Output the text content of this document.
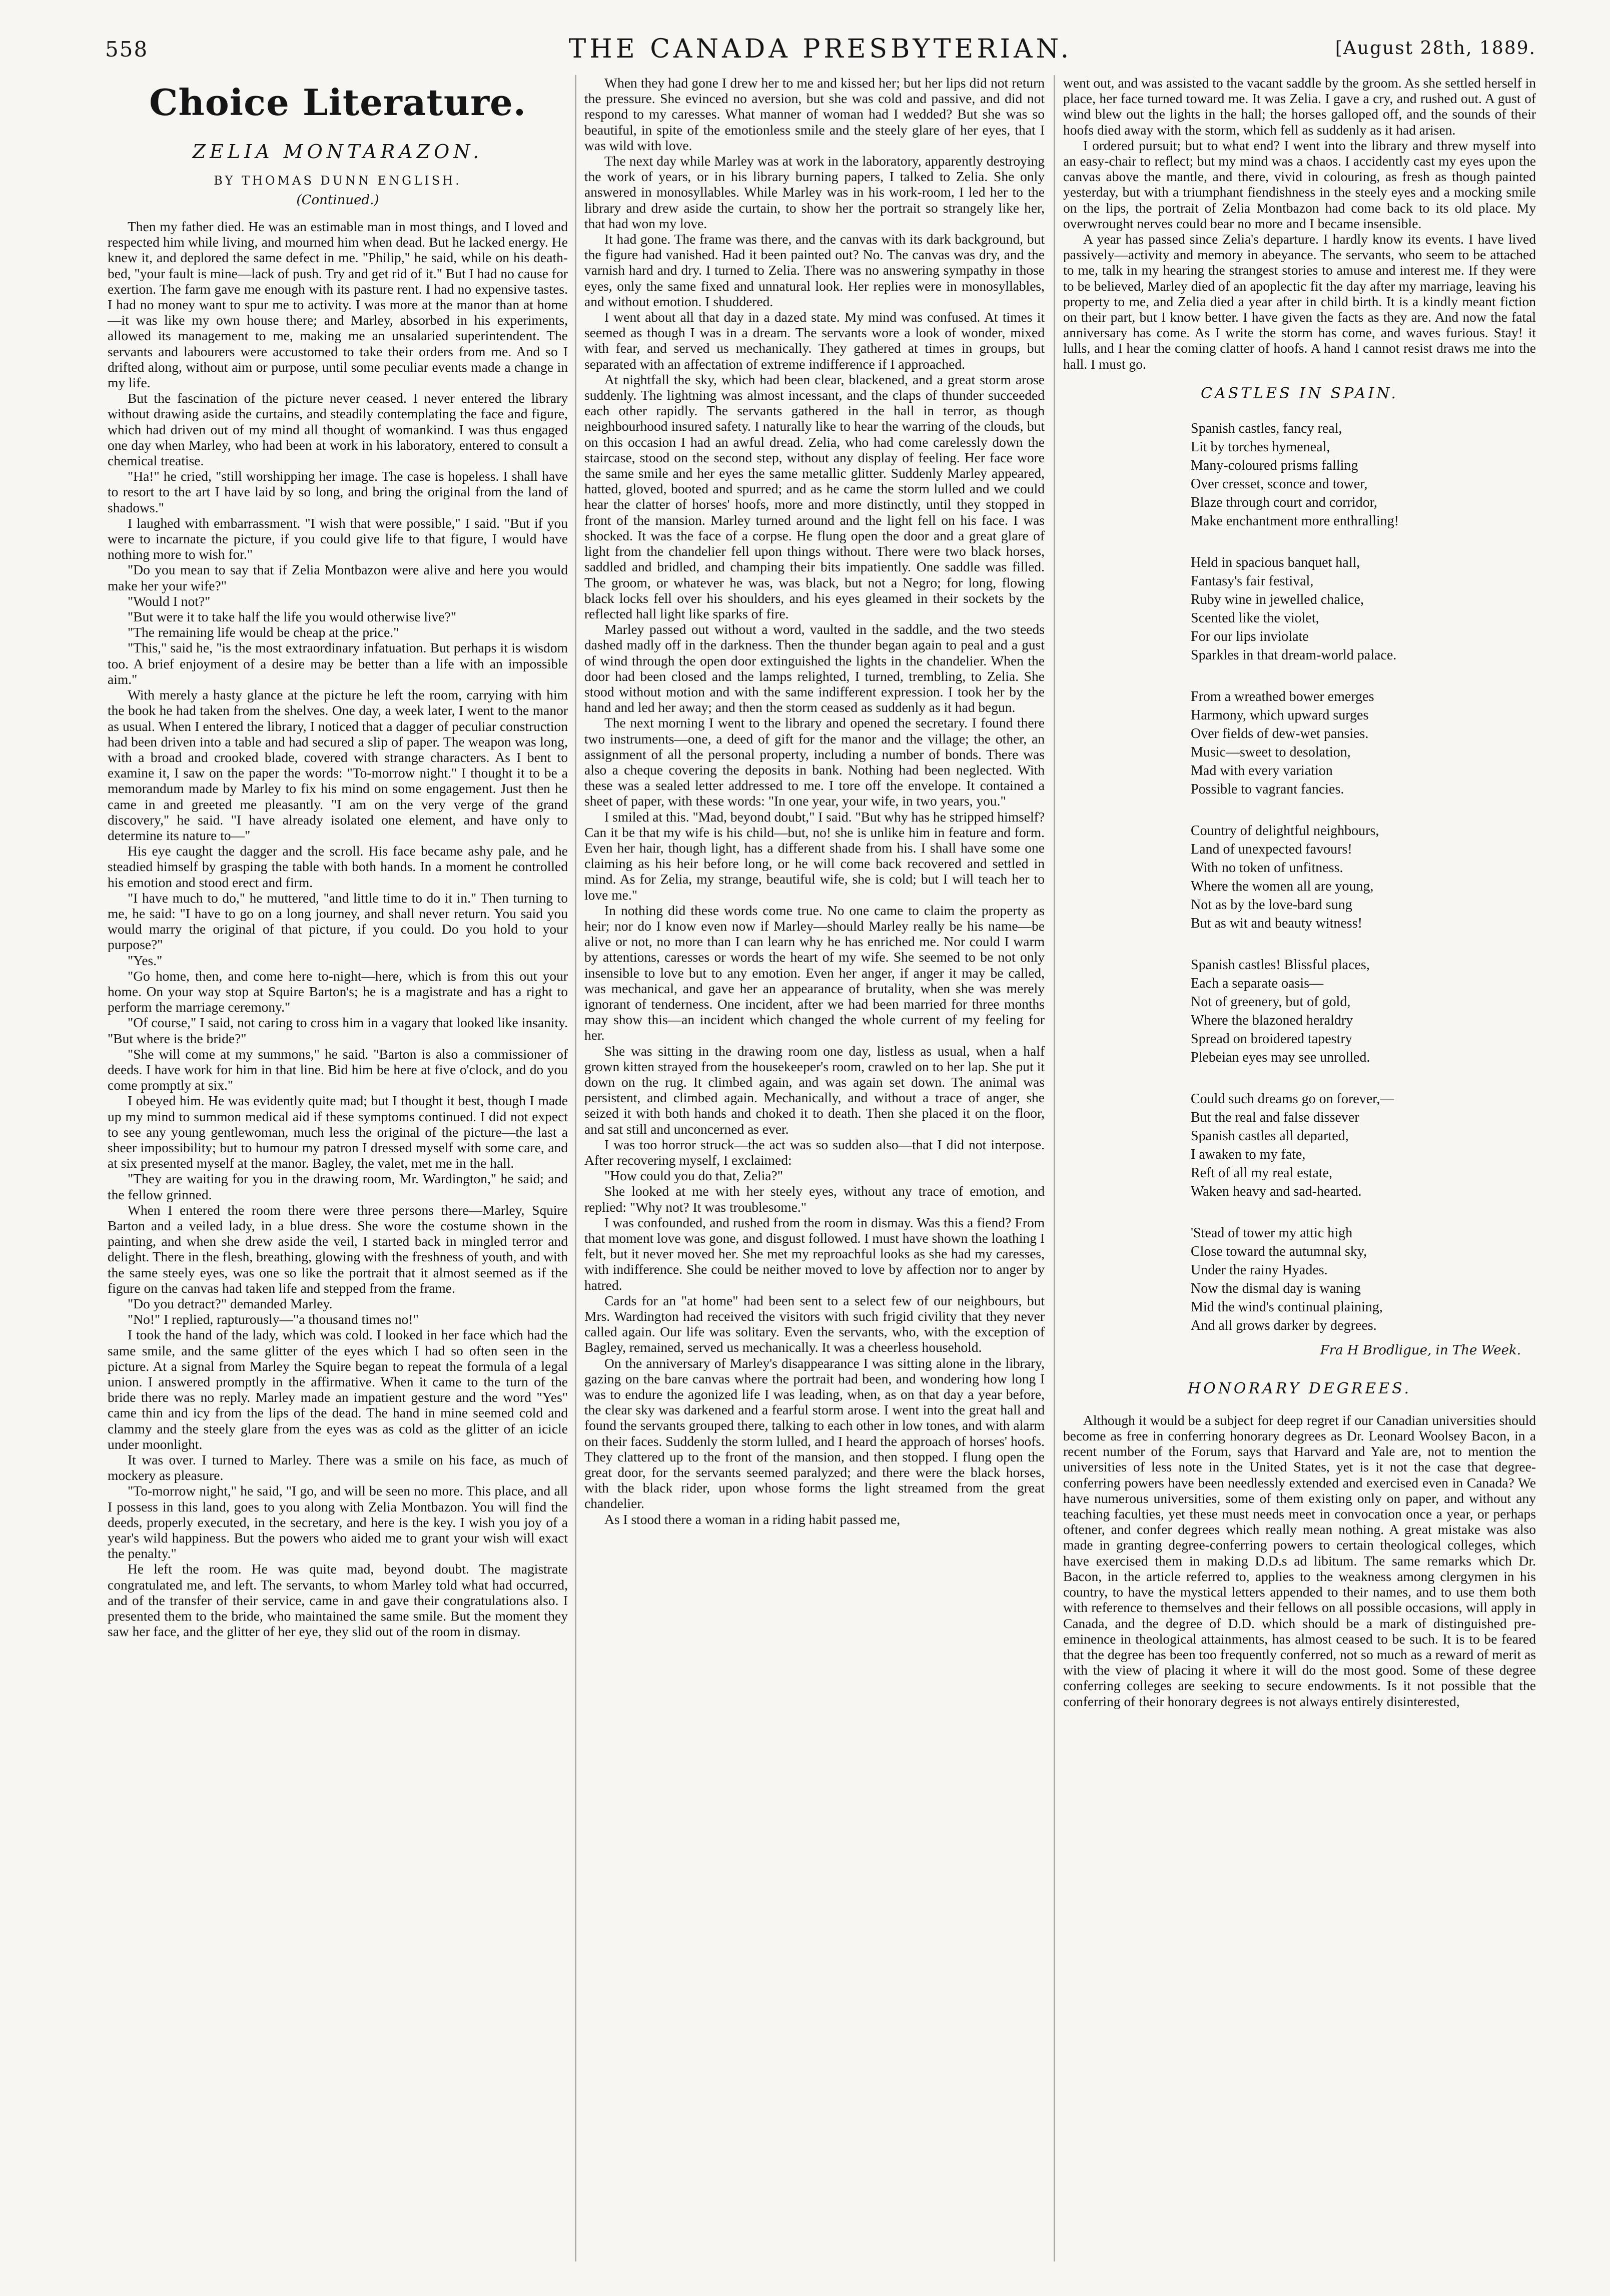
558	THE CANADA PRESBYTERIAN.	[August 28th, 1889.
Choice Literature.
ZELIA MONTARAZON.
BY THOMAS DUNN ENGLISH.
(Continued.)

Then my father died. He was an estimable man in most things, and I loved and respected him while living, and mourned him when dead. But he lacked energy. He knew it, and deplored the same defect in me. "Philip," he said, while on his death-bed, "your fault is mine—lack of push. Try and get rid of it." But I had no cause for exertion. The farm gave me enough with its pasture rent. I had no expensive tastes. I had no money want to spur me to activity. I was more at the manor than at home—it was like my own house there; and Marley, absorbed in his experiments, allowed its management to me, making me an unsalaried superintendent. The servants and labourers were accustomed to take their orders from me. And so I drifted along, without aim or purpose, until some peculiar events made a change in my life.

But the fascination of the picture never ceased. I never entered the library without drawing aside the curtains, and steadily contemplating the face and figure, which had driven out of my mind all thought of womankind. I was thus engaged one day when Marley, who had been at work in his laboratory, entered to consult a chemical treatise.

"Ha!" he cried, "still worshipping her image. The case is hopeless. I shall have to resort to the art I have laid by so long, and bring the original from the land of shadows."

I laughed with embarrassment. "I wish that were possible," I said. "But if you were to incarnate the picture, if you could give life to that figure, I would have nothing more to wish for."

"Do you mean to say that if Zelia Montbazon were alive and here you would make her your wife?"

"Would I not?"

"But were it to take half the life you would otherwise live?"

"The remaining life would be cheap at the price."

"This," said he, "is the most extraordinary infatuation. But perhaps it is wisdom too. A brief enjoyment of a desire may be better than a life with an impossible aim."

With merely a hasty glance at the picture he left the room, carrying with him the book he had taken from the shelves. One day, a week later, I went to the manor as usual. When I entered the library, I noticed that a dagger of peculiar construction had been driven into a table and had secured a slip of paper. The weapon was long, with a broad and crooked blade, covered with strange characters. As I bent to examine it, I saw on the paper the words: "To-morrow night." I thought it to be a memorandum made by Marley to fix his mind on some engagement. Just then he came in and greeted me pleasantly. "I am on the very verge of the grand discovery," he said. "I have already isolated one element, and have only to determine its nature to—"

His eye caught the dagger and the scroll. His face became ashy pale, and he steadied himself by grasping the table with both hands. In a moment he controlled his emotion and stood erect and firm.

"I have much to do," he muttered, "and little time to do it in." Then turning to me, he said: "I have to go on a long journey, and shall never return. You said you would marry the original of that picture, if you could. Do you hold to your purpose?"

"Yes."

"Go home, then, and come here to-night—here, which is from this out your home. On your way stop at Squire Barton's; he is a magistrate and has a right to perform the marriage ceremony."

"Of course," I said, not caring to cross him in a vagary that looked like insanity. "But where is the bride?"

"She will come at my summons," he said. "Barton is also a commissioner of deeds. I have work for him in that line. Bid him be here at five o'clock, and do you come promptly at six."

I obeyed him. He was evidently quite mad; but I thought it best, though I made up my mind to summon medical aid if these symptoms continued. I did not expect to see any young gentlewoman, much less the original of the picture—the last a sheer impossibility; but to humour my patron I dressed myself with some care, and at six presented myself at the manor. Bagley, the valet, met me in the hall.

"They are waiting for you in the drawing room, Mr. Wardington," he said; and the fellow grinned.

When I entered the room there were three persons there—Marley, Squire Barton and a veiled lady, in a blue dress. She wore the costume shown in the painting, and when she drew aside the veil, I started back in mingled terror and delight. There in the flesh, breathing, glowing with the freshness of youth, and with the same steely eyes, was one so like the portrait that it almost seemed as if the figure on the canvas had taken life and stepped from the frame.

"Do you detract?" demanded Marley.

"No!" I replied, rapturously—"a thousand times no!"

I took the hand of the lady, which was cold. I looked in her face which had the same smile, and the same glitter of the eyes which I had so often seen in the picture. At a signal from Marley the Squire began to repeat the formula of a legal union. I answered promptly in the affirmative. When it came to the turn of the bride there was no reply. Marley made an impatient gesture and the word "Yes" came thin and icy from the lips of the dead. The hand in mine seemed cold and clammy and the steely glare from the eyes was as cold as the glitter of an icicle under moonlight.

It was over. I turned to Marley. There was a smile on his face, as much of mockery as pleasure.

"To-morrow night," he said, "I go, and will be seen no more. This place, and all I possess in this land, goes to you along with Zelia Montbazon. You will find the deeds, properly executed, in the secretary, and here is the key. I wish you joy of a year's wild happiness. But the powers who aided me to grant your wish will exact the penalty."

He left the room. He was quite mad, beyond doubt. The magistrate congratulated me, and left. The servants, to whom Marley told what had occurred, and of the transfer of their service, came in and gave their congratulations also. I presented them to the bride, who maintained the same smile. But the moment they saw her face, and the glitter of her eye, they slid out of the room in dismay.

When they had gone I drew her to me and kissed her; but her lips did not return the pressure. She evinced no aversion, but she was cold and passive, and did not respond to my caresses. What manner of woman had I wedded? But she was so beautiful, in spite of the emotionless smile and the steely glare of her eyes, that I was wild with love.

The next day while Marley was at work in the laboratory, apparently destroying the work of years, or in his library burning papers, I talked to Zelia. She only answered in monosyllables. While Marley was in his work-room, I led her to the library and drew aside the curtain, to show her the portrait so strangely like her, that had won my love.

It had gone. The frame was there, and the canvas with its dark background, but the figure had vanished. Had it been painted out? No. The canvas was dry, and the varnish hard and dry. I turned to Zelia. There was no answering sympathy in those eyes, only the same fixed and unnatural look. Her replies were in monosyllables, and without emotion. I shuddered.

I went about all that day in a dazed state. My mind was confused. At times it seemed as though I was in a dream. The servants wore a look of wonder, mixed with fear, and served us mechanically. They gathered at times in groups, but separated with an affectation of extreme indifference if I approached.

At nightfall the sky, which had been clear, blackened, and a great storm arose suddenly. The lightning was almost incessant, and the claps of thunder succeeded each other rapidly. The servants gathered in the hall in terror, as though neighbourhood insured safety. I naturally like to hear the warring of the clouds, but on this occasion I had an awful dread. Zelia, who had come carelessly down the staircase, stood on the second step, without any display of feeling. Her face wore the same smile and her eyes the same metallic glitter. Suddenly Marley appeared, hatted, gloved, booted and spurred; and as he came the storm lulled and we could hear the clatter of horses' hoofs, more and more distinctly, until they stopped in front of the mansion. Marley turned around and the light fell on his face. I was shocked. It was the face of a corpse. He flung open the door and a great glare of light from the chandelier fell upon things without. There were two black horses, saddled and bridled, and champing their bits impatiently. One saddle was filled. The groom, or whatever he was, was black, but not a Negro; for long, flowing black locks fell over his shoulders, and his eyes gleamed in their sockets by the reflected hall light like sparks of fire.

Marley passed out without a word, vaulted in the saddle, and the two steeds dashed madly off in the darkness. Then the thunder began again to peal and a gust of wind through the open door extinguished the lights in the chandelier. When the door had been closed and the lamps relighted, I turned, trembling, to Zelia. She stood without motion and with the same indifferent expression. I took her by the hand and led her away; and then the storm ceased as suddenly as it had begun.

The next morning I went to the library and opened the secretary. I found there two instruments—one, a deed of gift for the manor and the village; the other, an assignment of all the personal property, including a number of bonds. There was also a cheque covering the deposits in bank. Nothing had been neglected. With these was a sealed letter addressed to me. I tore off the envelope. It contained a sheet of paper, with these words: "In one year, your wife, in two years, you."

I smiled at this. "Mad, beyond doubt," I said. "But why has he stripped himself? Can it be that my wife is his child—but, no! she is unlike him in feature and form. Even her hair, though light, has a different shade from his. I shall have some one claiming as his heir before long, or he will come back recovered and settled in mind. As for Zelia, my strange, beautiful wife, she is cold; but I will teach her to love me."

In nothing did these words come true. No one came to claim the property as heir; nor do I know even now if Marley—should Marley really be his name—be alive or not, no more than I can learn why he has enriched me. Nor could I warm by attentions, caresses or words the heart of my wife. She seemed to be not only insensible to love but to any emotion. Even her anger, if anger it may be called, was mechanical, and gave her an appearance of brutality, when she was merely ignorant of tenderness. One incident, after we had been married for three months may show this—an incident which changed the whole current of my feeling for her.

She was sitting in the drawing room one day, listless as usual, when a half grown kitten strayed from the housekeeper's room, crawled on to her lap. She put it down on the rug. It climbed again, and was again set down. The animal was persistent, and climbed again. Mechanically, and without a trace of anger, she seized it with both hands and choked it to death. Then she placed it on the floor, and sat still and unconcerned as ever.

I was too horror struck—the act was so sudden also—that I did not interpose. After recovering myself, I exclaimed:

"How could you do that, Zelia?"

She looked at me with her steely eyes, without any trace of emotion, and replied: "Why not? It was troublesome."

I was confounded, and rushed from the room in dismay. Was this a fiend? From that moment love was gone, and disgust followed. I must have shown the loathing I felt, but it never moved her. She met my reproachful looks as she had my caresses, with indifference. She could be neither moved to love by affection nor to anger by hatred.

Cards for an "at home" had been sent to a select few of our neighbours, but Mrs. Wardington had received the visitors with such frigid civility that they never called again. Our life was solitary. Even the servants, who, with the exception of Bagley, remained, served us mechanically. It was a cheerless household.

On the anniversary of Marley's disappearance I was sitting alone in the library, gazing on the bare canvas where the portrait had been, and wondering how long I was to endure the agonized life I was leading, when, as on that day a year before, the clear sky was darkened and a fearful storm arose. I went into the great hall and found the servants grouped there, talking to each other in low tones, and with alarm on their faces. Suddenly the storm lulled, and I heard the approach of horses' hoofs. They clattered up to the front of the mansion, and then stopped. I flung open the great door, for the servants seemed paralyzed; and there were the black horses, with the black rider, upon whose forms the light streamed from the great chandelier.

As I stood there a woman in a riding habit passed me,

went out, and was assisted to the vacant saddle by the groom. As she settled herself in place, her face turned toward me. It was Zelia. I gave a cry, and rushed out. A gust of wind blew out the lights in the hall; the horses galloped off, and the sounds of their hoofs died away with the storm, which fell as suddenly as it had arisen.

I ordered pursuit; but to what end? I went into the library and threw myself into an easy-chair to reflect; but my mind was a chaos. I accidently cast my eyes upon the canvas above the mantle, and there, vivid in colouring, as fresh as though painted yesterday, but with a triumphant fiendishness in the steely eyes and a mocking smile on the lips, the portrait of Zelia Montbazon had come back to its old place. My overwrought nerves could bear no more and I became insensible.

A year has passed since Zelia's departure. I hardly know its events. I have lived passively—activity and memory in abeyance. The servants, who seem to be attached to me, talk in my hearing the strangest stories to amuse and interest me. If they were to be believed, Marley died of an apoplectic fit the day after my marriage, leaving his property to me, and Zelia died a year after in child birth. It is a kindly meant fiction on their part, but I know better. I have given the facts as they are. And now the fatal anniversary has come. As I write the storm has come, and waves furious. Stay! it lulls, and I hear the coming clatter of hoofs. A hand I cannot resist draws me into the hall. I must go.

CASTLES IN SPAIN.
Spanish castles, fancy real,
Lit by torches hymeneal,
Many-coloured prisms falling
Over cresset, sconce and tower,
Blaze through court and corridor,
Make enchantment more enthralling!
Held in spacious banquet hall,
Fantasy's fair festival,
Ruby wine in jewelled chalice,
Scented like the violet,
For our lips inviolate
Sparkles in that dream-world palace.
From a wreathed bower emerges
Harmony, which upward surges
Over fields of dew-wet pansies.
Music—sweet to desolation,
Mad with every variation
Possible to vagrant fancies.
Country of delightful neighbours,
Land of unexpected favours!
With no token of unfitness.
Where the women all are young,
Not as by the love-bard sung
But as wit and beauty witness!
Spanish castles! Blissful places,
Each a separate oasis—
Not of greenery, but of gold,
Where the blazoned heraldry
Spread on broidered tapestry
Plebeian eyes may see unrolled.
Could such dreams go on forever,—
But the real and false dissever
Spanish castles all departed,
I awaken to my fate,
Reft of all my real estate,
Waken heavy and sad-hearted.
'Stead of tower my attic high
Close toward the autumnal sky,
Under the rainy Hyades.
Now the dismal day is waning
Mid the wind's continual plaining,
And all grows darker by degrees.
Fra H Brodligue, in The Week.
HONORARY DEGREES.

Although it would be a subject for deep regret if our Canadian universities should become as free in conferring honorary degrees as Dr. Leonard Woolsey Bacon, in a recent number of the Forum, says that Harvard and Yale are, not to mention the universities of less note in the United States, yet is it not the case that degree-conferring powers have been needlessly extended and exercised even in Canada? We have numerous universities, some of them existing only on paper, and without any teaching faculties, yet these must needs meet in convocation once a year, or perhaps oftener, and confer degrees which really mean nothing. A great mistake was also made in granting degree-conferring powers to certain theological colleges, which have exercised them in making D.D.s ad libitum. The same remarks which Dr. Bacon, in the article referred to, applies to the weakness among clergymen in his country, to have the mystical letters appended to their names, and to use them both with reference to themselves and their fellows on all possible occasions, will apply in Canada, and the degree of D.D. which should be a mark of distinguished pre-eminence in theological attainments, has almost ceased to be such. It is to be feared that the degree has been too frequently conferred, not so much as a reward of merit as with the view of placing it where it will do the most good. Some of these degree conferring colleges are seeking to secure endowments. Is it not possible that the conferring of their honorary degrees is not always entirely disinterested,
